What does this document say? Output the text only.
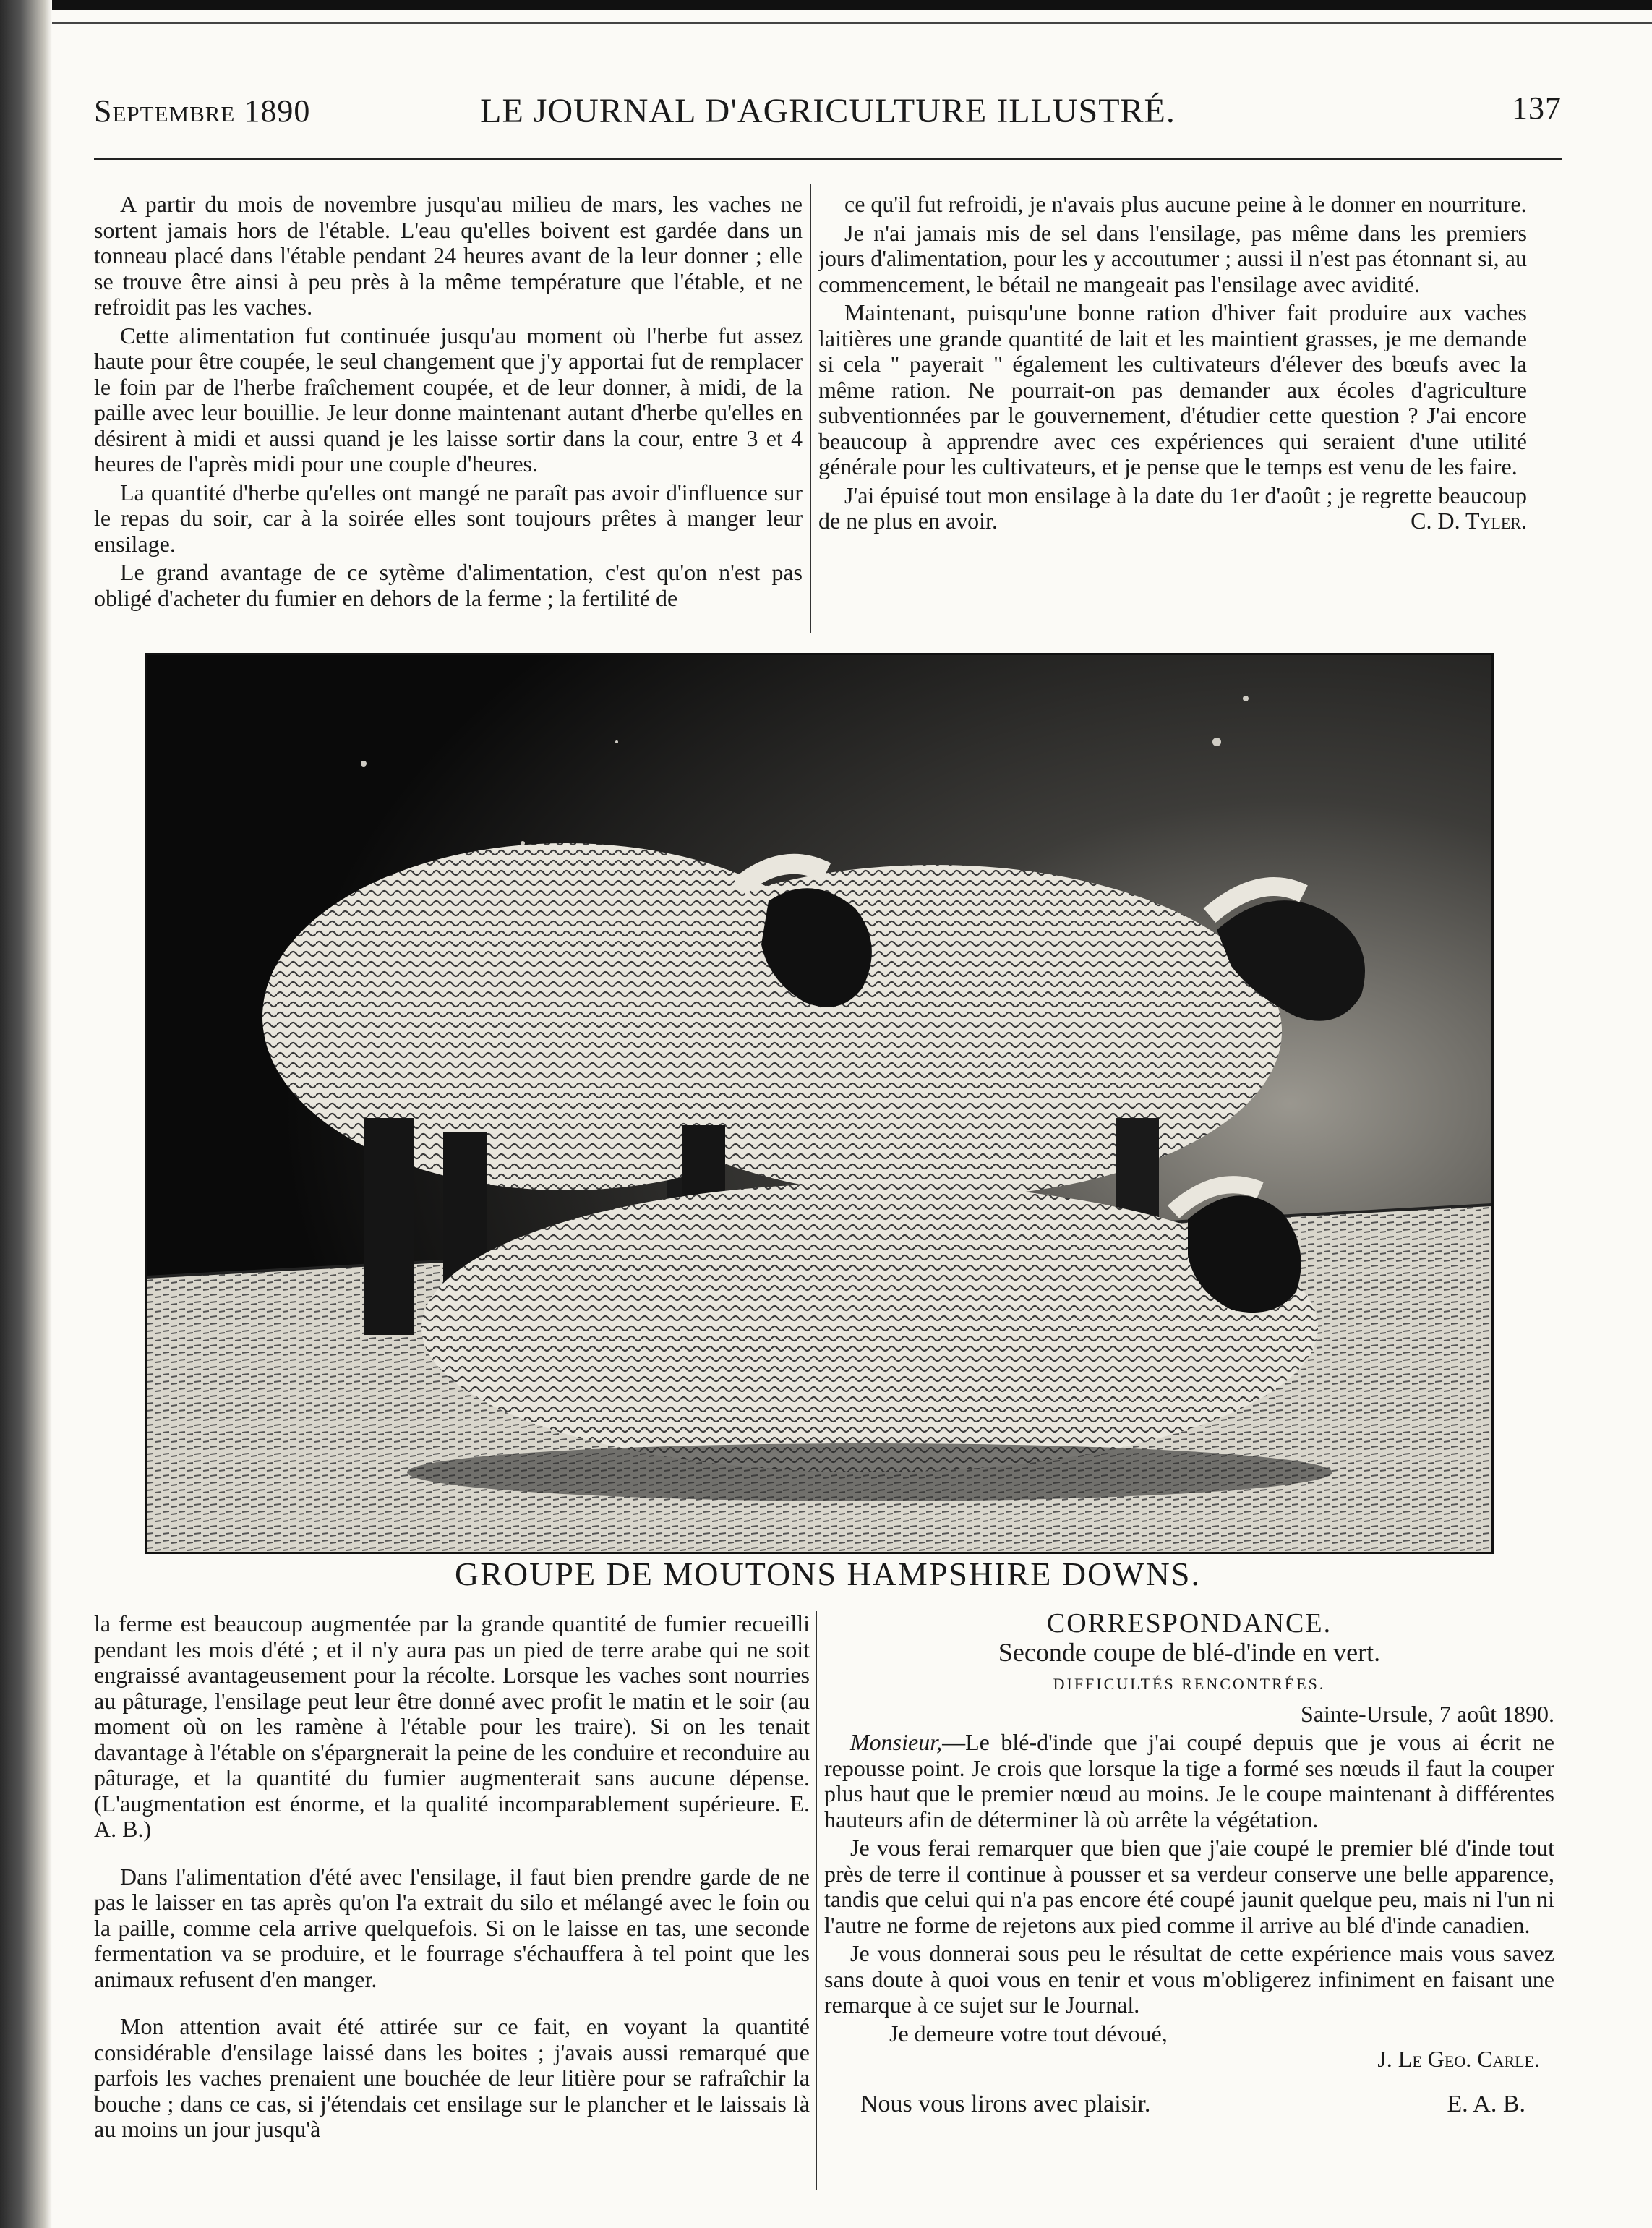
Septembre 1890	LE JOURNAL D'AGRICULTURE ILLUSTRÉ.	137

A partir du mois de novembre jusqu'au milieu de mars, les vaches ne sortent jamais hors de l'étable. L'eau qu'elles boivent est gardée dans un tonneau placé dans l'étable pendant 24 heures avant de la leur donner ; elle se trouve être ainsi à peu près à la même température que l'étable, et ne refroidit pas les vaches.

Cette alimentation fut continuée jusqu'au moment où l'herbe fut assez haute pour être coupée, le seul changement que j'y apportai fut de remplacer le foin par de l'herbe fraîchement coupée, et de leur donner, à midi, de la paille avec leur bouillie. Je leur donne maintenant autant d'herbe qu'elles en désirent à midi et aussi quand je les laisse sortir dans la cour, entre 3 et 4 heures de l'après midi pour une couple d'heures.

La quantité d'herbe qu'elles ont mangé ne paraît pas avoir d'influence sur le repas du soir, car à la soirée elles sont toujours prêtes à manger leur ensilage.

Le grand avantage de ce sytème d'alimentation, c'est qu'on n'est pas obligé d'acheter du fumier en dehors de la ferme ; la fertilité de

ce qu'il fut refroidi, je n'avais plus aucune peine à le donner en nourriture.

Je n'ai jamais mis de sel dans l'ensilage, pas même dans les premiers jours d'alimentation, pour les y accoutumer ; aussi il n'est pas étonnant si, au commencement, le bétail ne mangeait pas l'ensilage avec avidité.

Maintenant, puisqu'une bonne ration d'hiver fait produire aux vaches laitières une grande quantité de lait et les maintient grasses, je me demande si cela " payerait " également les cultivateurs d'élever des bœufs avec la même ration. Ne pourrait-on pas demander aux écoles d'agriculture subventionnées par le gouvernement, d'étudier cette question ? J'ai encore beaucoup à apprendre avec ces expériences qui seraient d'une utilité générale pour les cultivateurs, et je pense que le temps est venu de les faire.

J'ai épuisé tout mon ensilage à la date du 1er d'août ; je regrette beaucoup de ne plus en avoir.	C. D. Tyler.

GROUPE DE MOUTONS HAMPSHIRE DOWNS.

la ferme est beaucoup augmentée par la grande quantité de fumier recueilli pendant les mois d'été ; et il n'y aura pas un pied de terre arabe qui ne soit engraissé avantageusement pour la récolte. Lorsque les vaches sont nourries au pâturage, l'ensilage peut leur être donné avec profit le matin et le soir (au moment où on les ramène à l'étable pour les traire). Si on les tenait davantage à l'étable on s'épargnerait la peine de les conduire et reconduire au pâturage, et la quantité du fumier augmenterait sans aucune dépense. (L'augmentation est énorme, et la qualité incomparablement supérieure. E. A. B.)

Dans l'alimentation d'été avec l'ensilage, il faut bien prendre garde de ne pas le laisser en tas après qu'on l'a extrait du silo et mélangé avec le foin ou la paille, comme cela arrive quelquefois. Si on le laisse en tas, une seconde fermentation va se produire, et le fourrage s'échauffera à tel point que les animaux refusent d'en manger.

Mon attention avait été attirée sur ce fait, en voyant la quantité considérable d'ensilage laissé dans les boites ; j'avais aussi remarqué que parfois les vaches prenaient une bouchée de leur litière pour se rafraîchir la bouche ; dans ce cas, si j'étendais cet ensilage sur le plancher et le laissais là au moins un jour jusqu'à

CORRESPONDANCE.
Seconde coupe de blé-d'inde en vert.
DIFFICULTÉS RENCONTRÉES.

Sainte-Ursule, 7 août 1890.

Monsieur,—Le blé-d'inde que j'ai coupé depuis que je vous ai écrit ne repousse point. Je crois que lorsque la tige a formé ses nœuds il faut la couper plus haut que le premier nœud au moins. Je le coupe maintenant à différentes hauteurs afin de déterminer là où arrête la végétation.

Je vous ferai remarquer que bien que j'aie coupé le premier blé d'inde tout près de terre il continue à pousser et sa verdeur conserve une belle apparence, tandis que celui qui n'a pas encore été coupé jaunit quelque peu, mais ni l'un ni l'autre ne forme de rejetons aux pied comme il arrive au blé d'inde canadien.

Je vous donnerai sous peu le résultat de cette expérience mais vous savez sans doute à quoi vous en tenir et vous m'obligerez infiniment en faisant une remarque à ce sujet sur le Journal.

Je demeure votre tout dévoué,

J. Le Geo. Carle.
Nous vous lirons avec plaisir.	E. A. B.
